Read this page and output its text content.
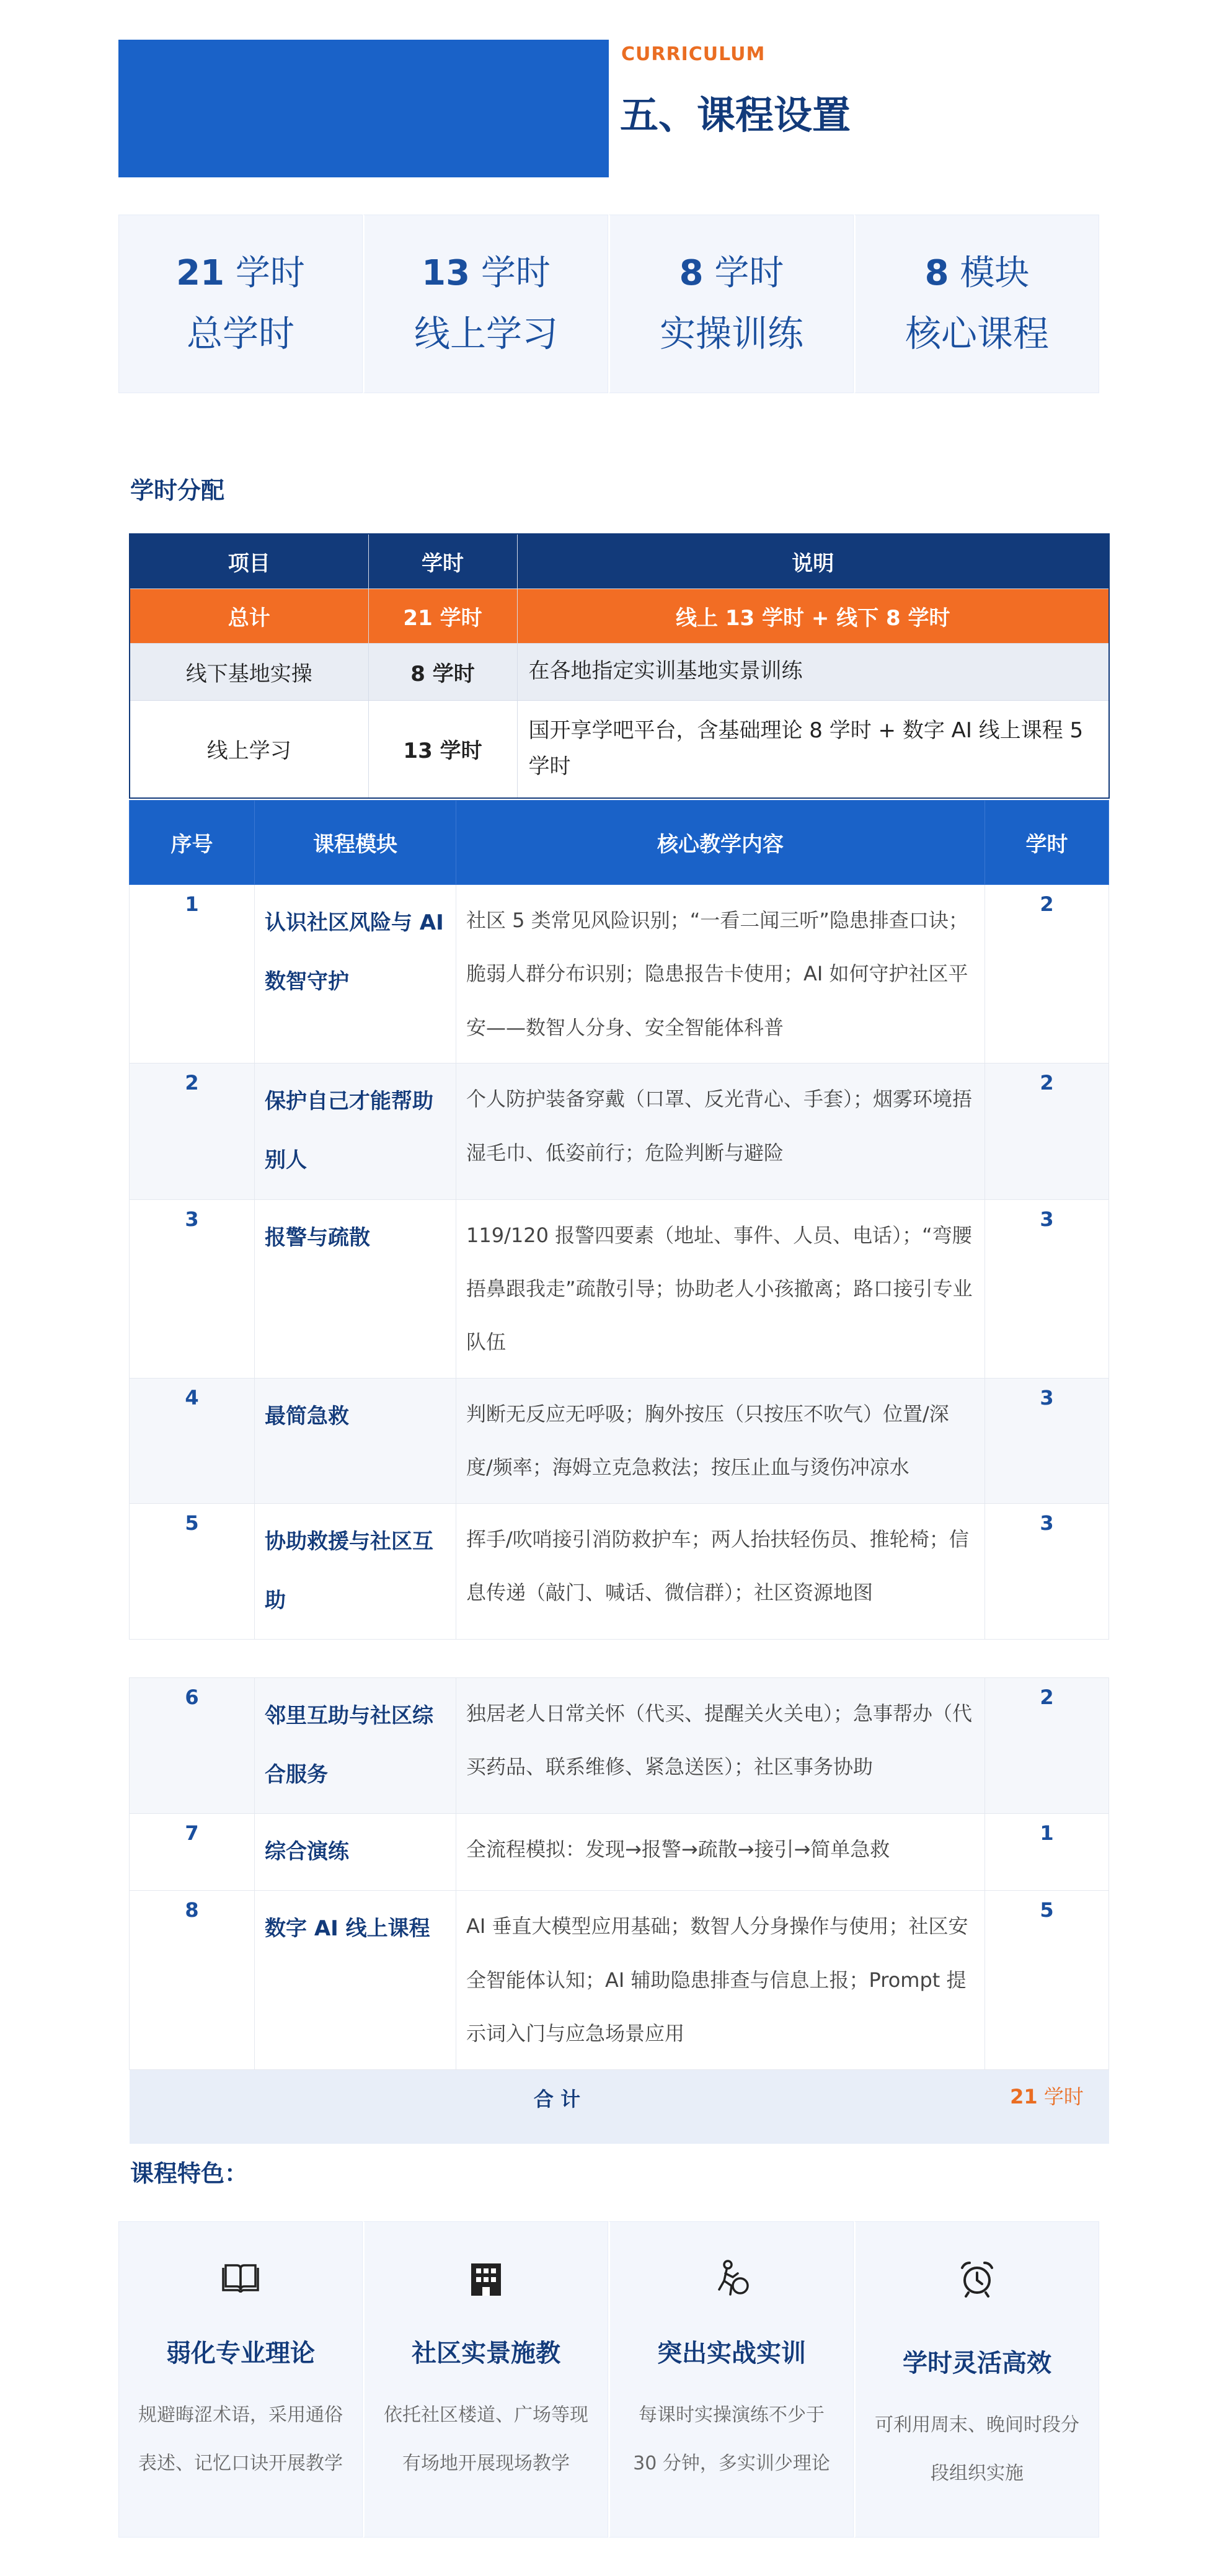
CURRICULUM
五、课程设置
21 学时
总学时
13 学时
线上学习
8 学时
实操训练
8 模块
核心课程
学时分配
项目	学时	说明
总计	21 学时	线上 13 学时 + 线下 8 学时
线下基地实操	8 学时	在各地指定实训基地实景训练
线上学习	13 学时	国开享学吧平台，含基础理论 8 学时 + 数字 AI 线上课程 5 学时
序号	课程模块	核心教学内容	学时
1	认识社区风险与 AI 数智守护	社区 5 类常见风险识别；“一看二闻三听”隐患排查口诀；脆弱人群分布识别；隐患报告卡使用；AI 如何守护社区平安——数智人分身、安全智能体科普	2
2	保护自己才能帮助别人	个人防护装备穿戴（口罩、反光背心、手套）；烟雾环境捂湿毛巾、低姿前行；危险判断与避险	2
3	报警与疏散	119/120 报警四要素（地址、事件、人员、电话）；“弯腰捂鼻跟我走”疏散引导；协助老人小孩撤离；路口接引专业队伍	3
4	最简急救	判断无反应无呼吸；胸外按压（只按压不吹气）位置/深度/频率；海姆立克急救法；按压止血与烫伤冲凉水	3
5	协助救援与社区互助	挥手/吹哨接引消防救护车；两人抬扶轻伤员、推轮椅；信息传递（敲门、喊话、微信群）；社区资源地图	3

6	邻里互助与社区综合服务	独居老人日常关怀（代买、提醒关火关电）；急事帮办（代买药品、联系维修、紧急送医）；社区事务协助	2
7	综合演练	全流程模拟：发现→报警→疏散→接引→简单急救	1
8	数字 AI 线上课程	AI 垂直大模型应用基础；数智人分身操作与使用；社区安全智能体认知；AI 辅助隐患排查与信息上报；Prompt 提示词入门与应急场景应用	5
合 计			21 学时
课程特色：
弱化专业理论
规避晦涩术语，采用通俗表述、记忆口诀开展教学
社区实景施教
依托社区楼道、广场等现有场地开展现场教学
突出实战实训
每课时实操演练不少于 30 分钟，多实训少理论
学时灵活高效
可利用周末、晚间时段分段组织实施
